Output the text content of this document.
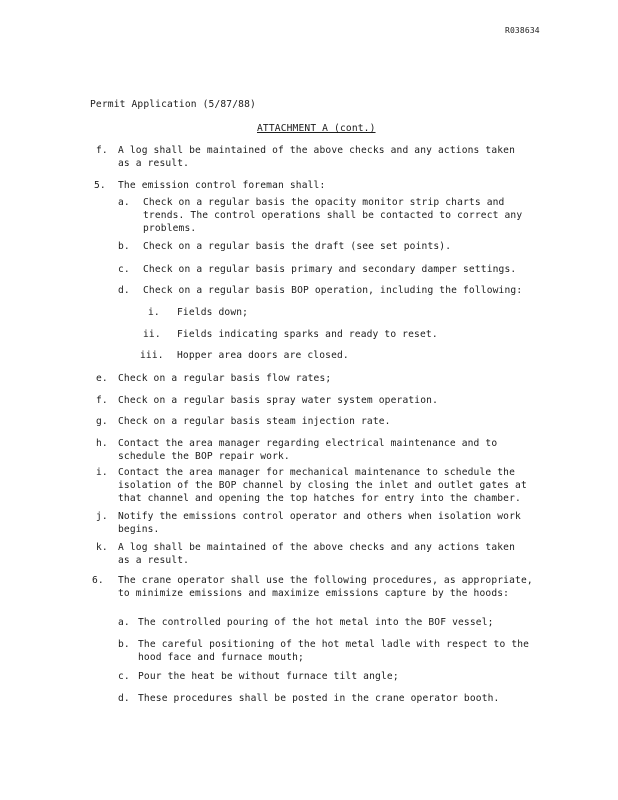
R038634
Permit Application (5/87/88)
ATTACHMENT A (cont.)
f. A log shall be maintained of the above checks and any actions taken as a result.
5. The emission control foreman shall:
a. Check on a regular basis the opacity monitor strip charts and trends. The control operations shall be contacted to correct any problems.
b. Check on a regular basis the draft (see set points).
c. Check on a regular basis primary and secondary damper settings.
d. Check on a regular basis BOP operation, including the following:
i. Fields down;
ii. Fields indicating sparks and ready to reset.
iii. Hopper area doors are closed.
e. Check on a regular basis flow rates;
f. Check on a regular basis spray water system operation.
g. Check on a regular basis steam injection rate.
h. Contact the area manager regarding electrical maintenance and to schedule the BOP repair work.
i. Contact the area manager for mechanical maintenance to schedule the isolation of the BOP channel by closing the inlet and outlet gates at that channel and opening the top hatches for entry into the chamber.
j. Notify the emissions control operator and others when isolation work begins.
k. A log shall be maintained of the above checks and any actions taken as a result.
6. The crane operator shall use the following procedures, as appropriate, to minimize emissions and maximize emissions capture by the hoods:
a. The controlled pouring of the hot metal into the BOF vessel;
b. The careful positioning of the hot metal ladle with respect to the hood face and furnace mouth;
c. Pour the heat be without furnace tilt angle;
d. These procedures shall be posted in the crane operator booth.
